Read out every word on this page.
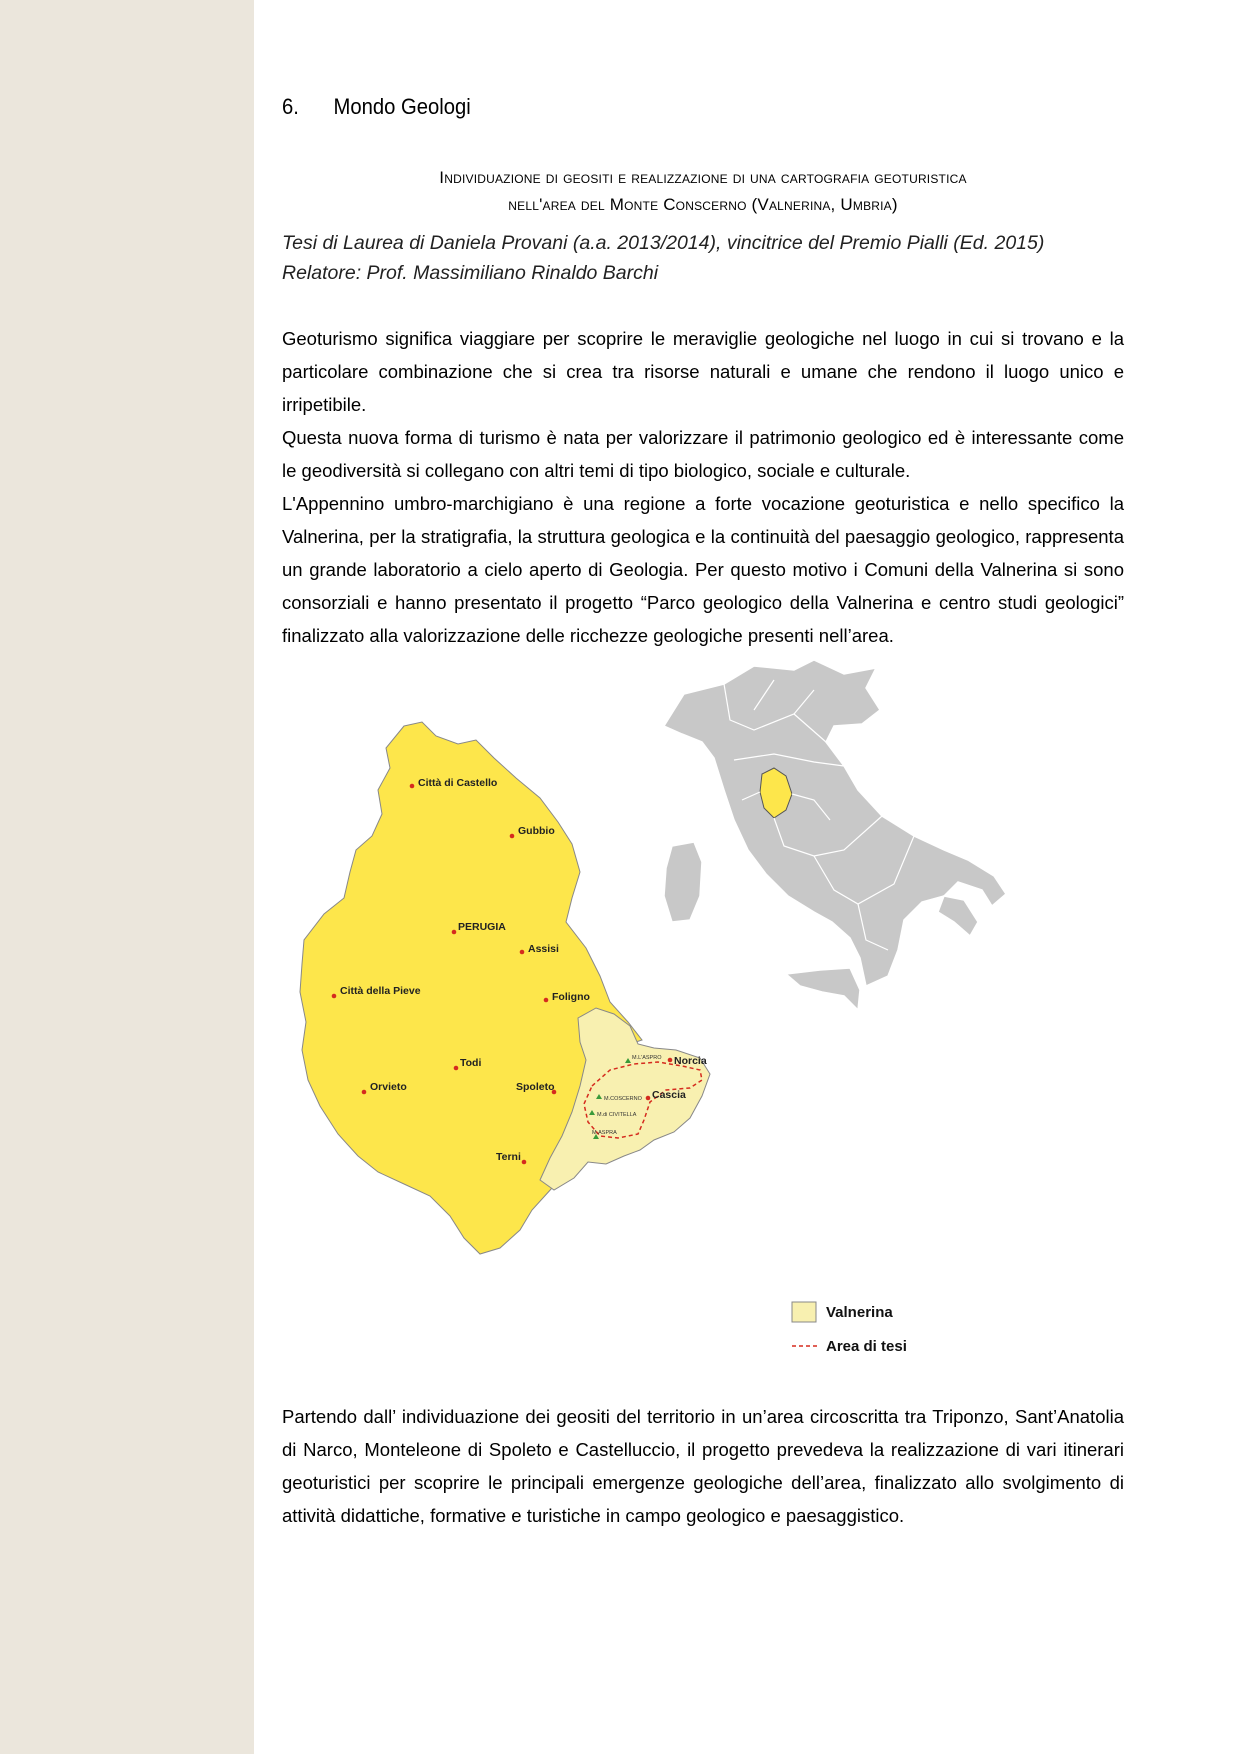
6. Mondo Geologi
Individuazione di geositi e realizzazione di una cartografia geoturistica
nell'area del Monte Conscerno (Valnerina, Umbria)
Tesi di Laurea di Daniela Provani (a.a. 2013/2014), vincitrice del Premio Pialli (Ed. 2015)
Relatore: Prof. Massimiliano Rinaldo Barchi

Geoturismo significa viaggiare per scoprire le meraviglie geologiche nel luogo in cui si trovano e la particolare combinazione che si crea tra risorse naturali e umane che rendono il luogo unico e irripetibile.

Questa nuova forma di turismo è nata per valorizzare il patrimonio geologico ed è interessante come le geodiversità si collegano con altri temi di tipo biologico, sociale e culturale.

L'Appennino umbro-marchigiano è una regione a forte vocazione geoturistica e nello specifico la Valnerina, per la stratigrafia, la struttura geologica e la continuità del paesaggio geologico, rappresenta un grande laboratorio a cielo aperto di Geologia. Per questo motivo i Comuni della Valnerina si sono consorziali e hanno presentato il progetto “Parco geologico della Valnerina e centro studi geologici” finalizzato alla valorizzazione delle ricchezze geologiche presenti nell’area.

Partendo dall’ individuazione dei geositi del territorio in un’area circoscritta tra Triponzo, Sant’Anatolia di Narco, Monteleone di Spoleto e Castelluccio, il progetto prevedeva la realizzazione di vari itinerari geoturistici per scoprire le principali emergenze geologiche dell’area, finalizzato allo svolgimento di attività didattiche, formative e turistiche in campo geologico e paesaggistico.

Città di Castello
Gubbio
PERUGIA
Assisi
Città della Pieve	Foligno
Todi
Spoleto
Orvieto
Terni
Norcia
Cascia
M.L'ASPRO
M.COSCERNO
M.di CIVITELLA
M.ASPRA
Valnerina
Area di tesi
